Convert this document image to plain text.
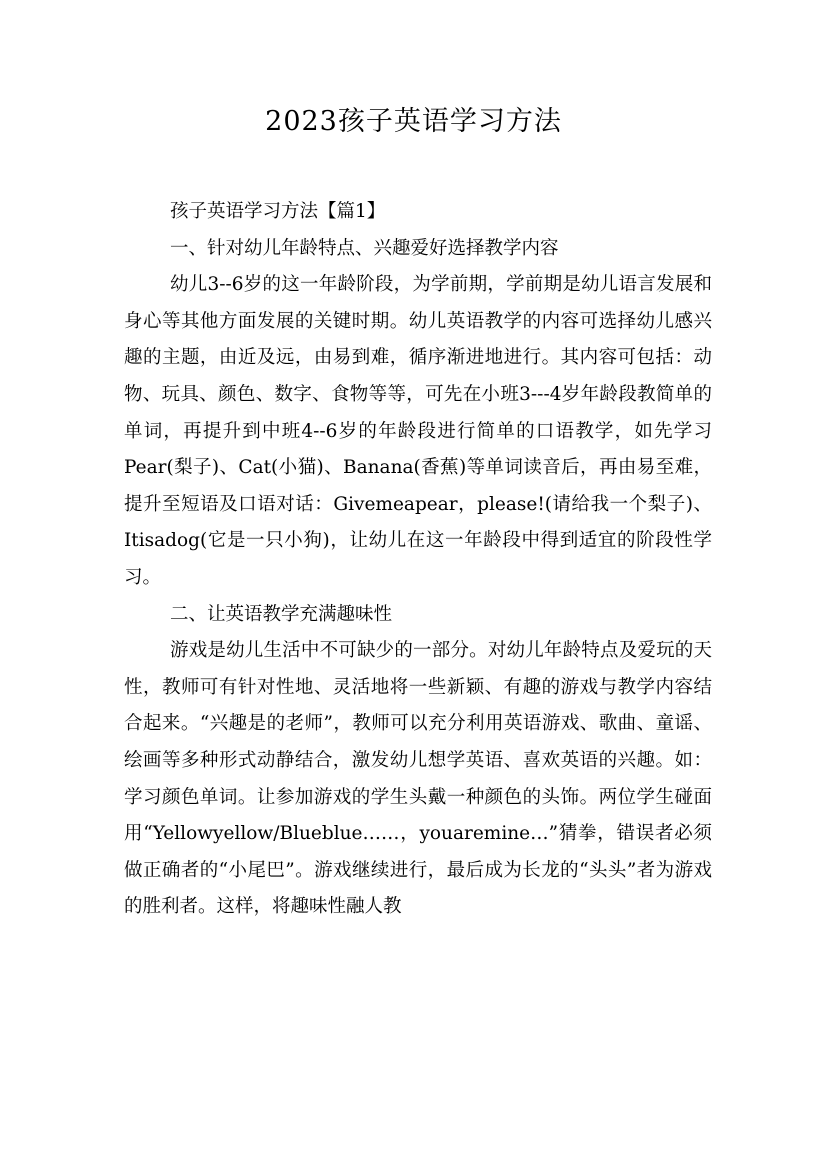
2023孩子英语学习方法

孩子英语学习方法【篇1】

一、针对幼儿年龄特点、兴趣爱好选择教学内容

幼儿3--6岁的这一年龄阶段，为学前期，学前期是幼儿语言发展和身心等其他方面发展的关键时期。幼儿英语教学的内容可选择幼儿感兴趣的主题，由近及远，由易到难，循序渐进地进行。其内容可包括：动物、玩具、颜色、数字、食物等等，可先在小班3---4岁年龄段教简单的单词，再提升到中班4--6岁的年龄段进行简单的口语教学，如先学习Pear(梨子)、Cat(小猫)、Banana(香蕉)等单词读音后，再由易至难，提升至短语及口语对话：Givemeapear，please!(请给我一个梨子)、Itisadog(它是一只小狗)，让幼儿在这一年龄段中得到适宜的阶段性学习。

二、让英语教学充满趣味性

游戏是幼儿生活中不可缺少的一部分。对幼儿年龄特点及爱玩的天性，教师可有针对性地、灵活地将一些新颖、有趣的游戏与教学内容结合起来。“兴趣是的老师”，教师可以充分利用英语游戏、歌曲、童谣、绘画等多种形式动静结合，激发幼儿想学英语、喜欢英语的兴趣。如：学习颜色单词。让参加游戏的学生头戴一种颜色的头饰。两位学生碰面用“Yellowyellow/Blueblue……，youaremine…”猜拳，错误者必须做正确者的“小尾巴”。游戏继续进行，最后成为长龙的“头头”者为游戏的胜利者。这样，将趣味性融人教
